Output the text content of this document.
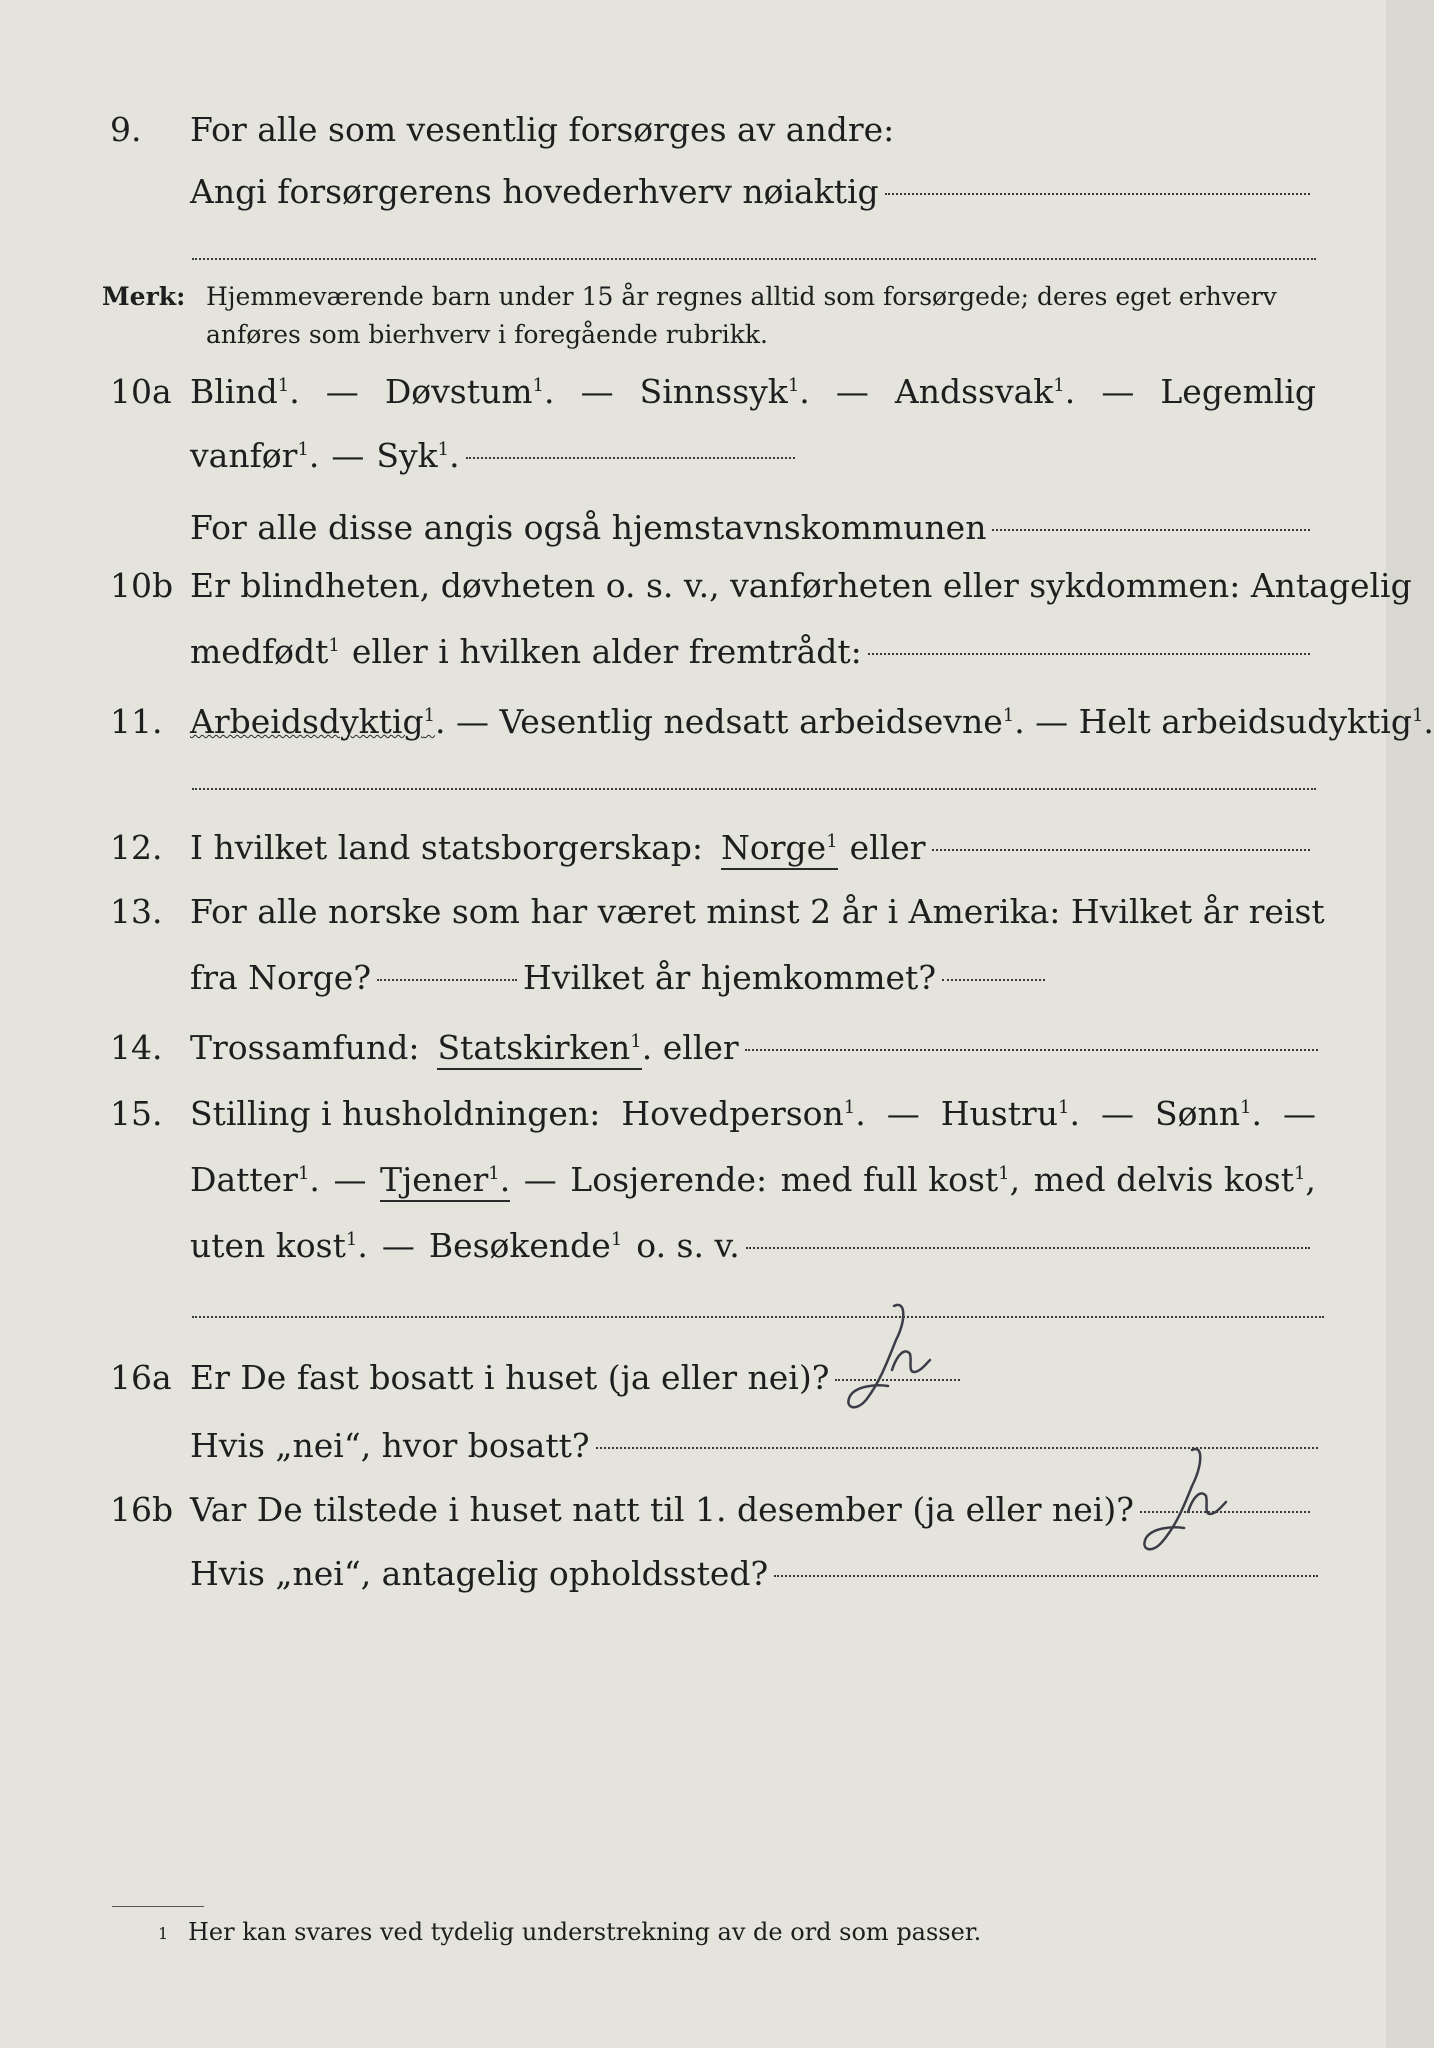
9.	For alle som vesentlig forsørges av andre:
Angi forsørgerens hovederhverv nøiaktig
Merk: Hjemmeværende barn under 15 år regnes alltid som forsørgede; deres eget erhverv anføres som bierhverv i foregående rubrikk.
10a Blind$^1$. — Døvstum$^1$. — Sinnssyk$^1$. — Andssvak$^1$. — Legemlig
vanfør$^1$. — Syk$^1$.
For alle disse angis også hjemstavnskommunen
10b Er blindheten, døvheten o. s. v., vanførheten eller sykdommen: Antagelig
medfødt$^1$ eller i hvilken alder fremtrådt:
11. Arbeidsdyktig$^1$ . — Vesentlig nedsatt arbeidsevne$^1$ . — Helt arbeidsudyktig$^1$.
12. I hvilket land statsborgerskap: Norge$^1$ eller
13. For alle norske som har været minst 2 år i Amerika: Hvilket år reist
fra Norge?	Hvilket år hjemkommet?
14. Trossamfund: Statskirken$^1$ . eller
15. Stilling i husholdningen: Hovedperson$^1$. — Hustru$^1$. — Sønn$^1$. —
Datter$^1$. — Tjener$^1$. — Losjerende: med full kost$^1$, med delvis kost$^1$,
uten kost$^1$. — Besøkende$^1$ o. s. v.
16a Er De fast bosatt i huset (ja eller nei)?
Hvis „nei“, hvor bosatt?
16b Var De tilstede i huset natt til 1. desember (ja eller nei)?
Hvis „nei“, antagelig opholdssted?
1 Her kan svares ved tydelig understrekning av de ord som passer.
